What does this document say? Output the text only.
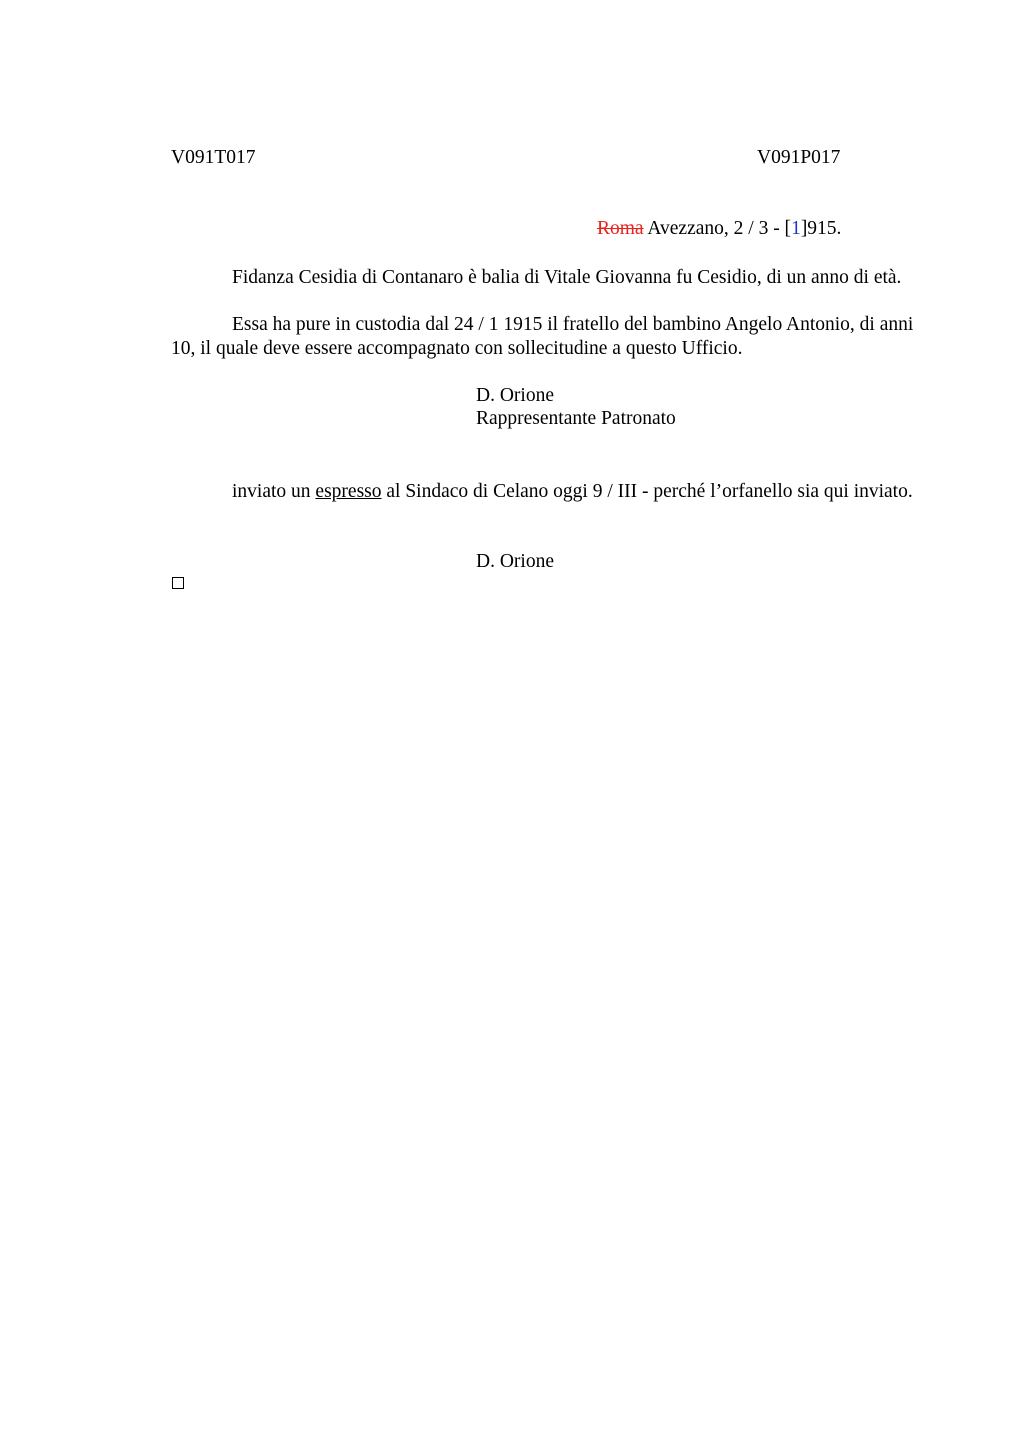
V091T017	V091P017
Roma Avezzano, 2 / 3 - [1]915.

Fidanza Cesidia di Contanaro è balia di Vitale Giovanna fu Cesidio, di un anno di età.

Essa ha pure in custodia dal 24 / 1 1915 il fratello del bambino Angelo Antonio, di anni 10, il quale deve essere accompagnato con sollecitudine a questo Ufficio.

D. Orione
Rappresentante Patronato

inviato un espresso al Sindaco di Celano oggi 9 / III - perché l’orfanello sia qui inviato.

D. Orione
